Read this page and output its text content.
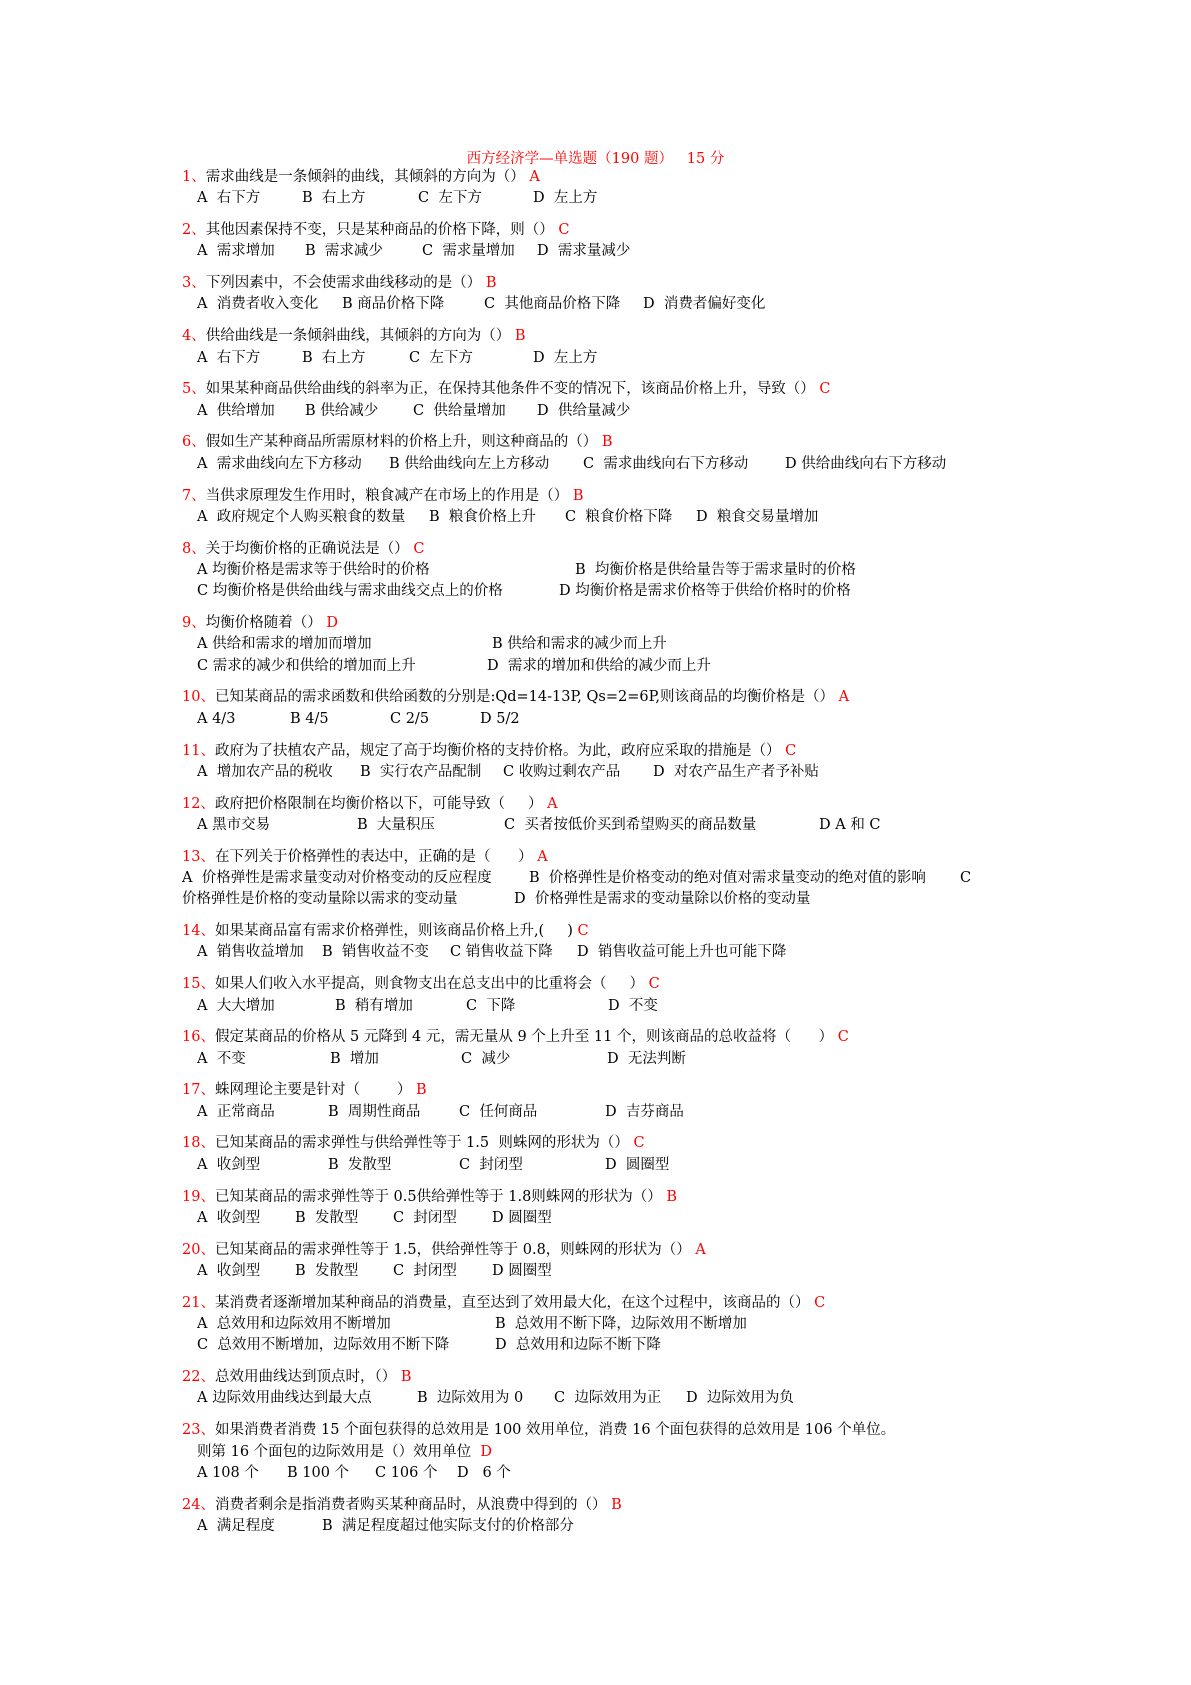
西方经济学—单选题（190 题）   15 分
1、需求曲线是一条倾斜的曲线，其倾斜的方向为（） A
A  右下方	B  右上方	C  左下方	D  左上方
2、其他因素保持不变，只是某种商品的价格下降，则（） C
A  需求增加 B  需求减少	C  需求量增加 D  需求量减少
3、下列因素中，不会使需求曲线移动的是（） B
A  消费者收入变化 B 商品价格下降	C  其他商品价格下降 D  消费者偏好变化
4、供给曲线是一条倾斜曲线，其倾斜的方向为（） B
A  右下方	B  右上方	C  左下方	D  左上方
5、如果某种商品供给曲线的斜率为正，在保持其他条件不变的情况下，该商品价格上升，导致（） C
A  供给增加 B 供给减少 C  供给量增加 D  供给量减少
6、假如生产某种商品所需原材料的价格上升，则这种商品的（） B
A  需求曲线向左下方移动 B 供给曲线向左上方移动 C  需求曲线向右下方移动	D 供给曲线向右下方移动
7、当供求原理发生作用时，粮食减产在市场上的作用是（） B
A  政府规定个人购买粮食的数量 B  粮食价格上升 C  粮食价格下降 D  粮食交易量增加
8、关于均衡价格的正确说法是（） C
A 均衡价格是需求等于供给时的价格	B  均衡价格是供给量告等于需求量时的价格
C 均衡价格是供给曲线与需求曲线交点上的价格	D 均衡价格是需求价格等于供给价格时的价格
9、均衡价格随着（） D
A 供给和需求的增加而增加	B 供给和需求的减少而上升
C 需求的减少和供给的增加而上升	D  需求的增加和供给的减少而上升
10、已知某商品的需求函数和供给函数的分别是:Qd=14-13P, Qs=2=6P,则该商品的均衡价格是（） A
A 4/3	B 4/5	C 2/5	D 5/2
11、政府为了扶植农产品，规定了高于均衡价格的支持价格。为此，政府应采取的措施是（） C
A  增加农产品的税收 B  实行农产品配制 C 收购过剩农产品 D  对农产品生产者予补贴
12、政府把价格限制在均衡价格以下，可能导致（     ） A
A 黑市交易	B  大量积压	C  买者按低价买到希望购买的商品数量	D A 和 C
13、在下列关于价格弹性的表达中，正确的是（      ） A
A  价格弹性是需求量变动对价格变动的反应程度	B  价格弹性是价格变动的绝对值对需求量变动的绝对值的影响 C
价格弹性是价格的变动量除以需求的变动量	D  价格弹性是需求的变动量除以价格的变动量
14、如果某商品富有需求价格弹性，则该商品价格上升,(     ) C
A  销售收益增加 B  销售收益不变 C 销售收益下降 D  销售收益可能上升也可能下降
15、如果人们收入水平提高，则食物支出在总支出中的比重将会（     ） C
A  大大增加	B  稍有增加	C  下降	D  不变
16、假定某商品的价格从 5 元降到 4 元，需无量从 9 个上升至 11 个，则该商品的总收益将（      ） C
A  不变	B  增加	C  减少	D  无法判断
17、蛛网理论主要是针对（        ） B
A  正常商品	B  周期性商品	C  任何商品	D  吉芬商品
18、已知某商品的需求弹性与供给弹性等于 1.5  则蛛网的形状为（） C
A  收剑型	B  发散型	C  封闭型	D  圆圈型
19、已知某商品的需求弹性等于 0.5供给弹性等于 1.8则蛛网的形状为（） B
A  收剑型 B  发散型 C  封闭型 D 圆圈型
20、已知某商品的需求弹性等于 1.5，供给弹性等于 0.8，则蛛网的形状为（） A
A  收剑型 B  发散型 C  封闭型 D 圆圈型
21、某消费者逐渐增加某种商品的消费量，直至达到了效用最大化，在这个过程中，该商品的（） C
A  总效用和边际效用不断增加	B  总效用不断下降，边际效用不断增加
C  总效用不断增加，边际效用不断下降	D  总效用和边际不断下降
22、总效用曲线达到顶点时，（） B
A 边际效用曲线达到最大点	B  边际效用为 0 C  边际效用为正 D  边际效用为负
23、如果消费者消费 15 个面包获得的总效用是 100 效用单位，消费 16 个面包获得的总效用是 106 个单位。
则第 16 个面包的边际效用是（）效用单位 D
A 108 个 B 100 个 C 106 个 D   6 个
24、消费者剩余是指消费者购买某种商品时，从浪费中得到的（） B
A  满足程度	B  满足程度超过他实际支付的价格部分
